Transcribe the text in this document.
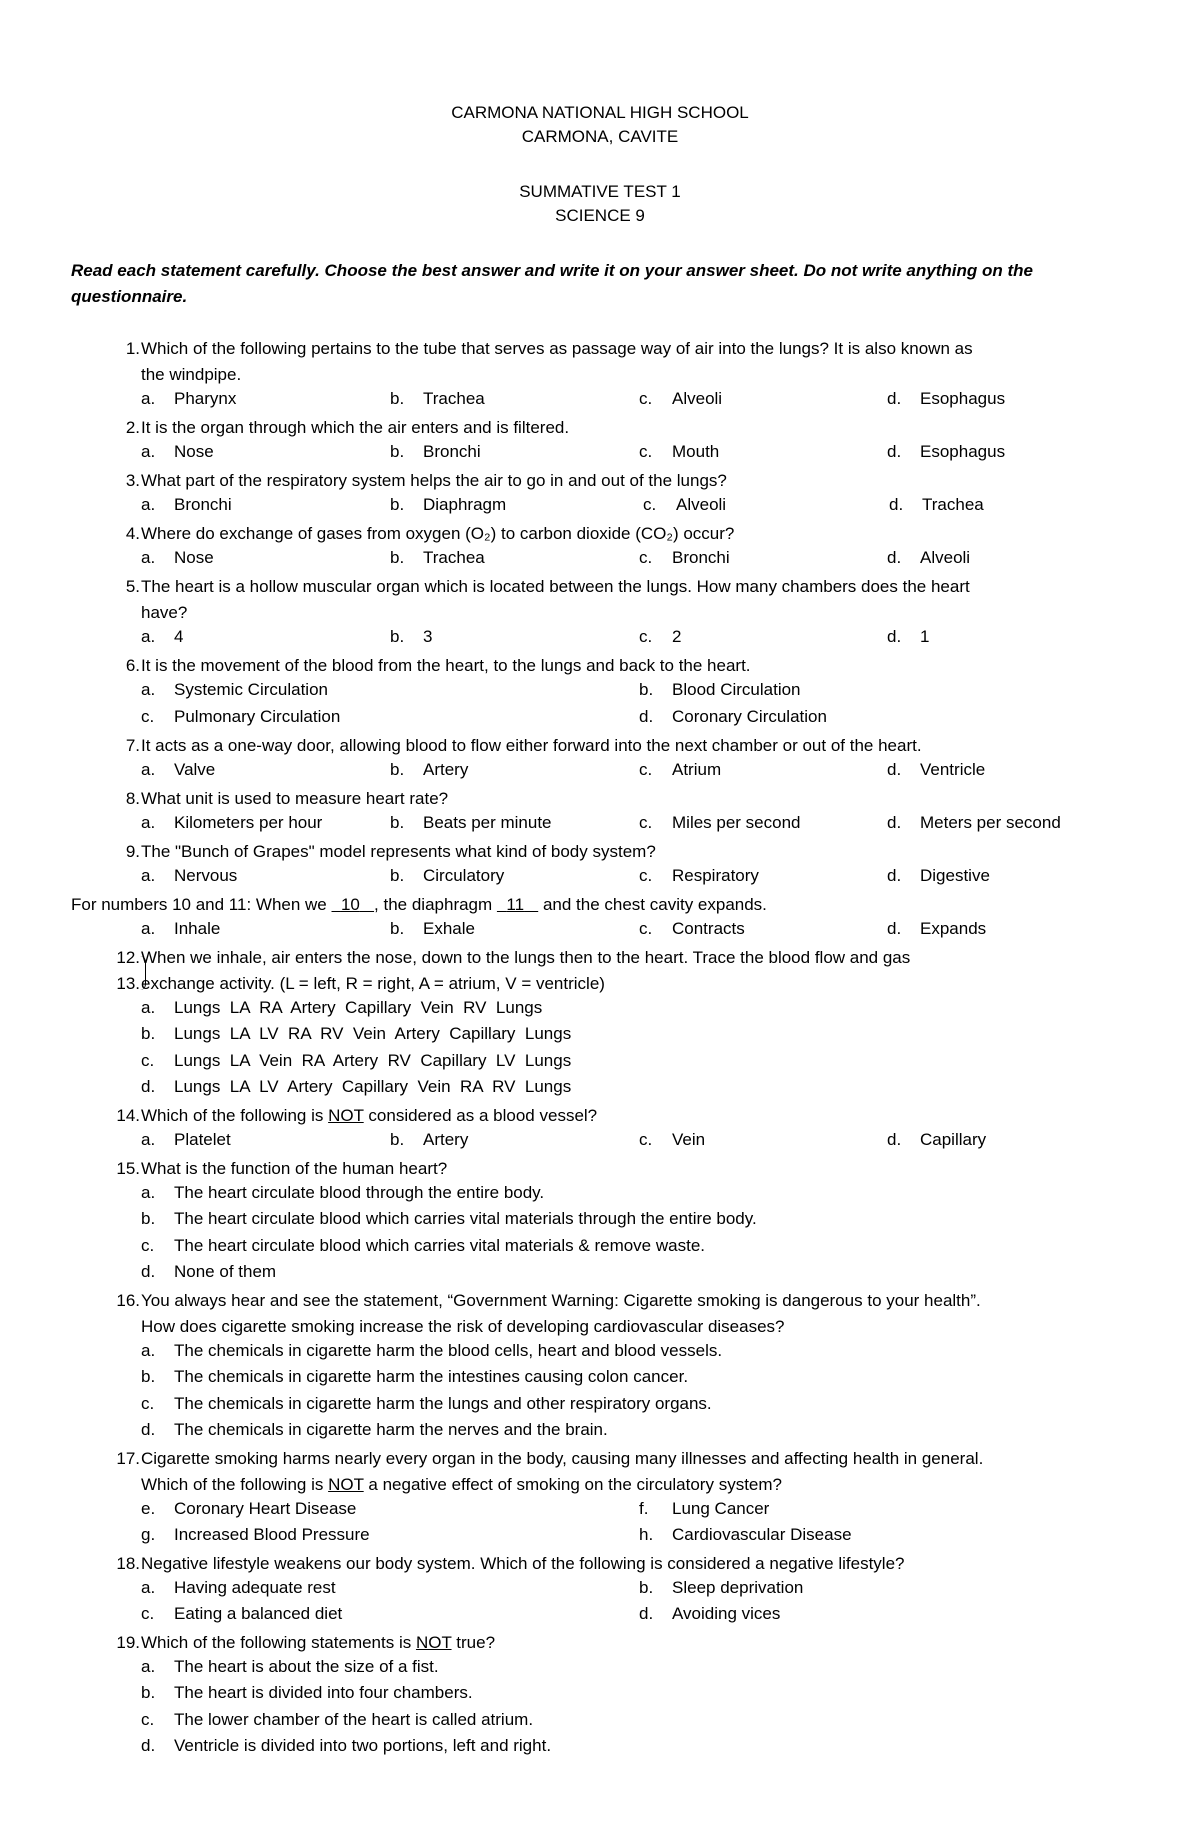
CARMONA NATIONAL HIGH SCHOOL
CARMONA, CAVITE
SUMMATIVE TEST 1
SCIENCE 9
Read each statement carefully. Choose the best answer and write it on your answer sheet. Do not write anything on the questionnaire.
1. Which of the following pertains to the tube that serves as passage way of air into the lungs? It is also known as
the windpipe.
a. Pharynx	b. Trachea	c. Alveoli	d. Esophagus
2. It is the organ through which the air enters and is filtered.
a. Nose	b. Bronchi	c. Mouth	d. Esophagus
3. What part of the respiratory system helps the air to go in and out of the lungs?
a. Bronchi	b. Diaphragm	c. Alveoli	d. Trachea
4. Where do exchange of gases from oxygen (O₂) to carbon dioxide (CO₂) occur?
a. Nose	b. Trachea	c. Bronchi	d. Alveoli
5. The heart is a hollow muscular organ which is located between the lungs. How many chambers does the heart
have?
a. 4	b. 3	c. 2	d. 1
6. It is the movement of the blood from the heart, to the lungs and back to the heart.
a. Systemic Circulation	b. Blood Circulation
c. Pulmonary Circulation	d. Coronary Circulation
7. It acts as a one-way door, allowing blood to flow either forward into the next chamber or out of the heart.
a. Valve	b. Artery	c. Atrium	d. Ventricle
8. What unit is used to measure heart rate?
a. Kilometers per hour	b. Beats per minute	c. Miles per second	d. Meters per second
9. The "Bunch of Grapes" model represents what kind of body system?
a. Nervous	b. Circulatory	c. Respiratory	d. Digestive
For numbers 10 and 11: When we 10 , the diaphragm 11 and the chest cavity expands.
a. Inhale	b. Exhale	c. Contracts	d. Expands
12. When we inhale, air enters the nose, down to the lungs then to the heart. Trace the blood flow and gas
13. exchange activity. (L = left, R = right, A = atrium, V = ventricle)
a. Lungs  LA  RA  Artery  Capillary  Vein  RV  Lungs
b. Lungs  LA  LV  RA  RV  Vein  Artery  Capillary  Lungs
c. Lungs  LA  Vein  RA  Artery  RV  Capillary  LV  Lungs
d. Lungs  LA  LV  Artery  Capillary  Vein  RA  RV  Lungs
14. Which of the following is NOT considered as a blood vessel?
a. Platelet	b. Artery	c. Vein	d. Capillary
15. What is the function of the human heart?
a. The heart circulate blood through the entire body.
b. The heart circulate blood which carries vital materials through the entire body.
c. The heart circulate blood which carries vital materials & remove waste.
d. None of them
16. You always hear and see the statement, “Government Warning: Cigarette smoking is dangerous to your health”.
How does cigarette smoking increase the risk of developing cardiovascular diseases?
a. The chemicals in cigarette harm the blood cells, heart and blood vessels.
b. The chemicals in cigarette harm the intestines causing colon cancer.
c. The chemicals in cigarette harm the lungs and other respiratory organs.
d. The chemicals in cigarette harm the nerves and the brain.
17. Cigarette smoking harms nearly every organ in the body, causing many illnesses and affecting health in general.
Which of the following is NOT a negative effect of smoking on the circulatory system?
e. Coronary Heart Disease	f. Lung Cancer
g. Increased Blood Pressure	h. Cardiovascular Disease
18. Negative lifestyle weakens our body system. Which of the following is considered a negative lifestyle?
a. Having adequate rest	b. Sleep deprivation
c. Eating a balanced diet	d. Avoiding vices
19. Which of the following statements is NOT true?
a. The heart is about the size of a fist.
b. The heart is divided into four chambers.
c. The lower chamber of the heart is called atrium.
d. Ventricle is divided into two portions, left and right.
